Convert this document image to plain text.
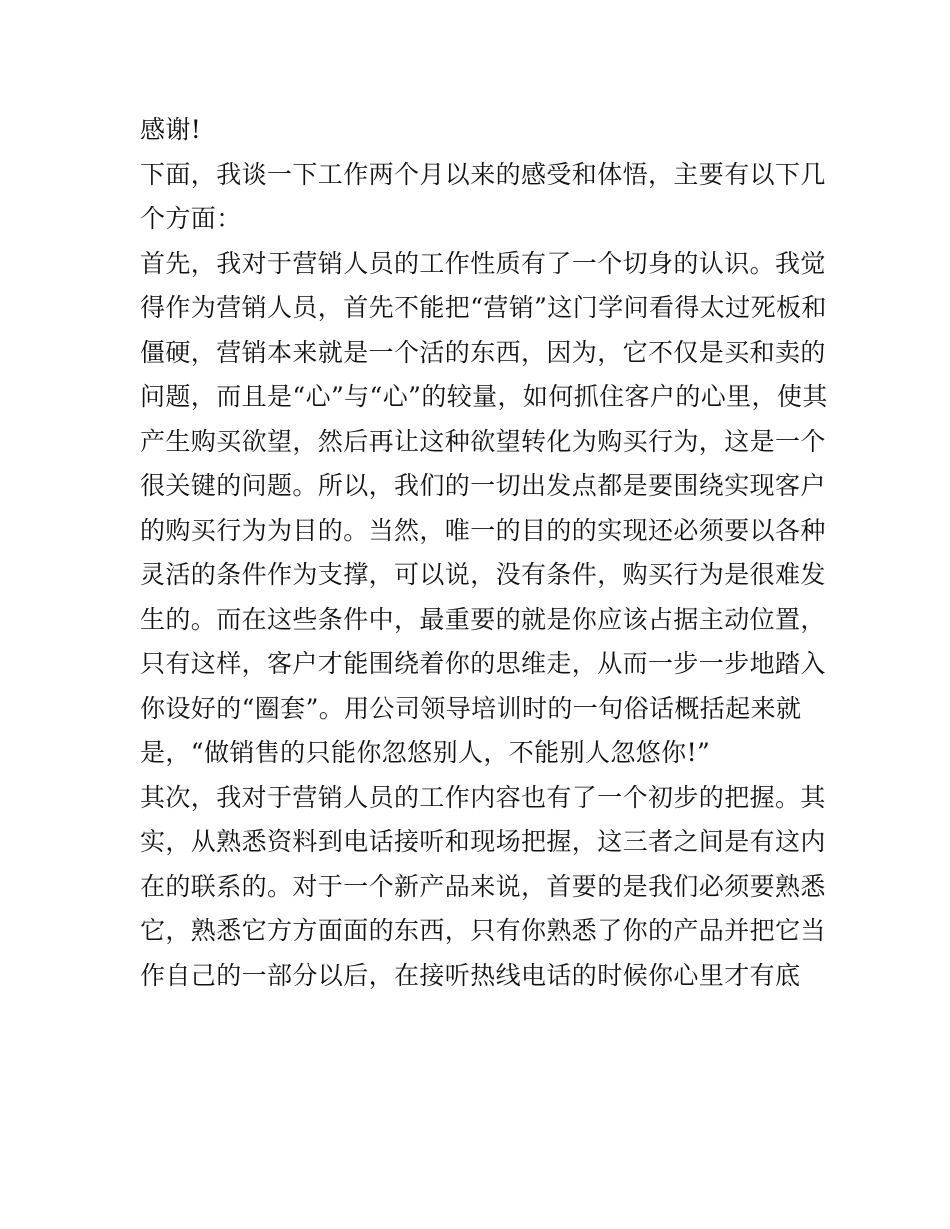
感谢!
下面，我谈一下工作两个月以来的感受和体悟，主要有以下几
个方面：
首先，我对于营销人员的工作性质有了一个切身的认识。我觉
得作为营销人员，首先不能把“营销”这门学问看得太过死板和
僵硬，营销本来就是一个活的东西，因为，它不仅是买和卖的
问题，而且是“心”与“心”的较量，如何抓住客户的心里，使其
产生购买欲望，然后再让这种欲望转化为购买行为，这是一个
很关键的问题。所以，我们的一切出发点都是要围绕实现客户
的购买行为为目的。当然，唯一的目的的实现还必须要以各种
灵活的条件作为支撑，可以说，没有条件，购买行为是很难发
生的。而在这些条件中，最重要的就是你应该占据主动位置，
只有这样，客户才能围绕着你的思维走，从而一步一步地踏入
你设好的“圈套”。用公司领导培训时的一句俗话概括起来就
是，“做销售的只能你忽悠别人，不能别人忽悠你!”
其次，我对于营销人员的工作内容也有了一个初步的把握。其
实，从熟悉资料到电话接听和现场把握，这三者之间是有这内
在的联系的。对于一个新产品来说，首要的是我们必须要熟悉
它，熟悉它方方面面的东西，只有你熟悉了你的产品并把它当
作自己的一部分以后，在接听热线电话的时候你心里才有底
